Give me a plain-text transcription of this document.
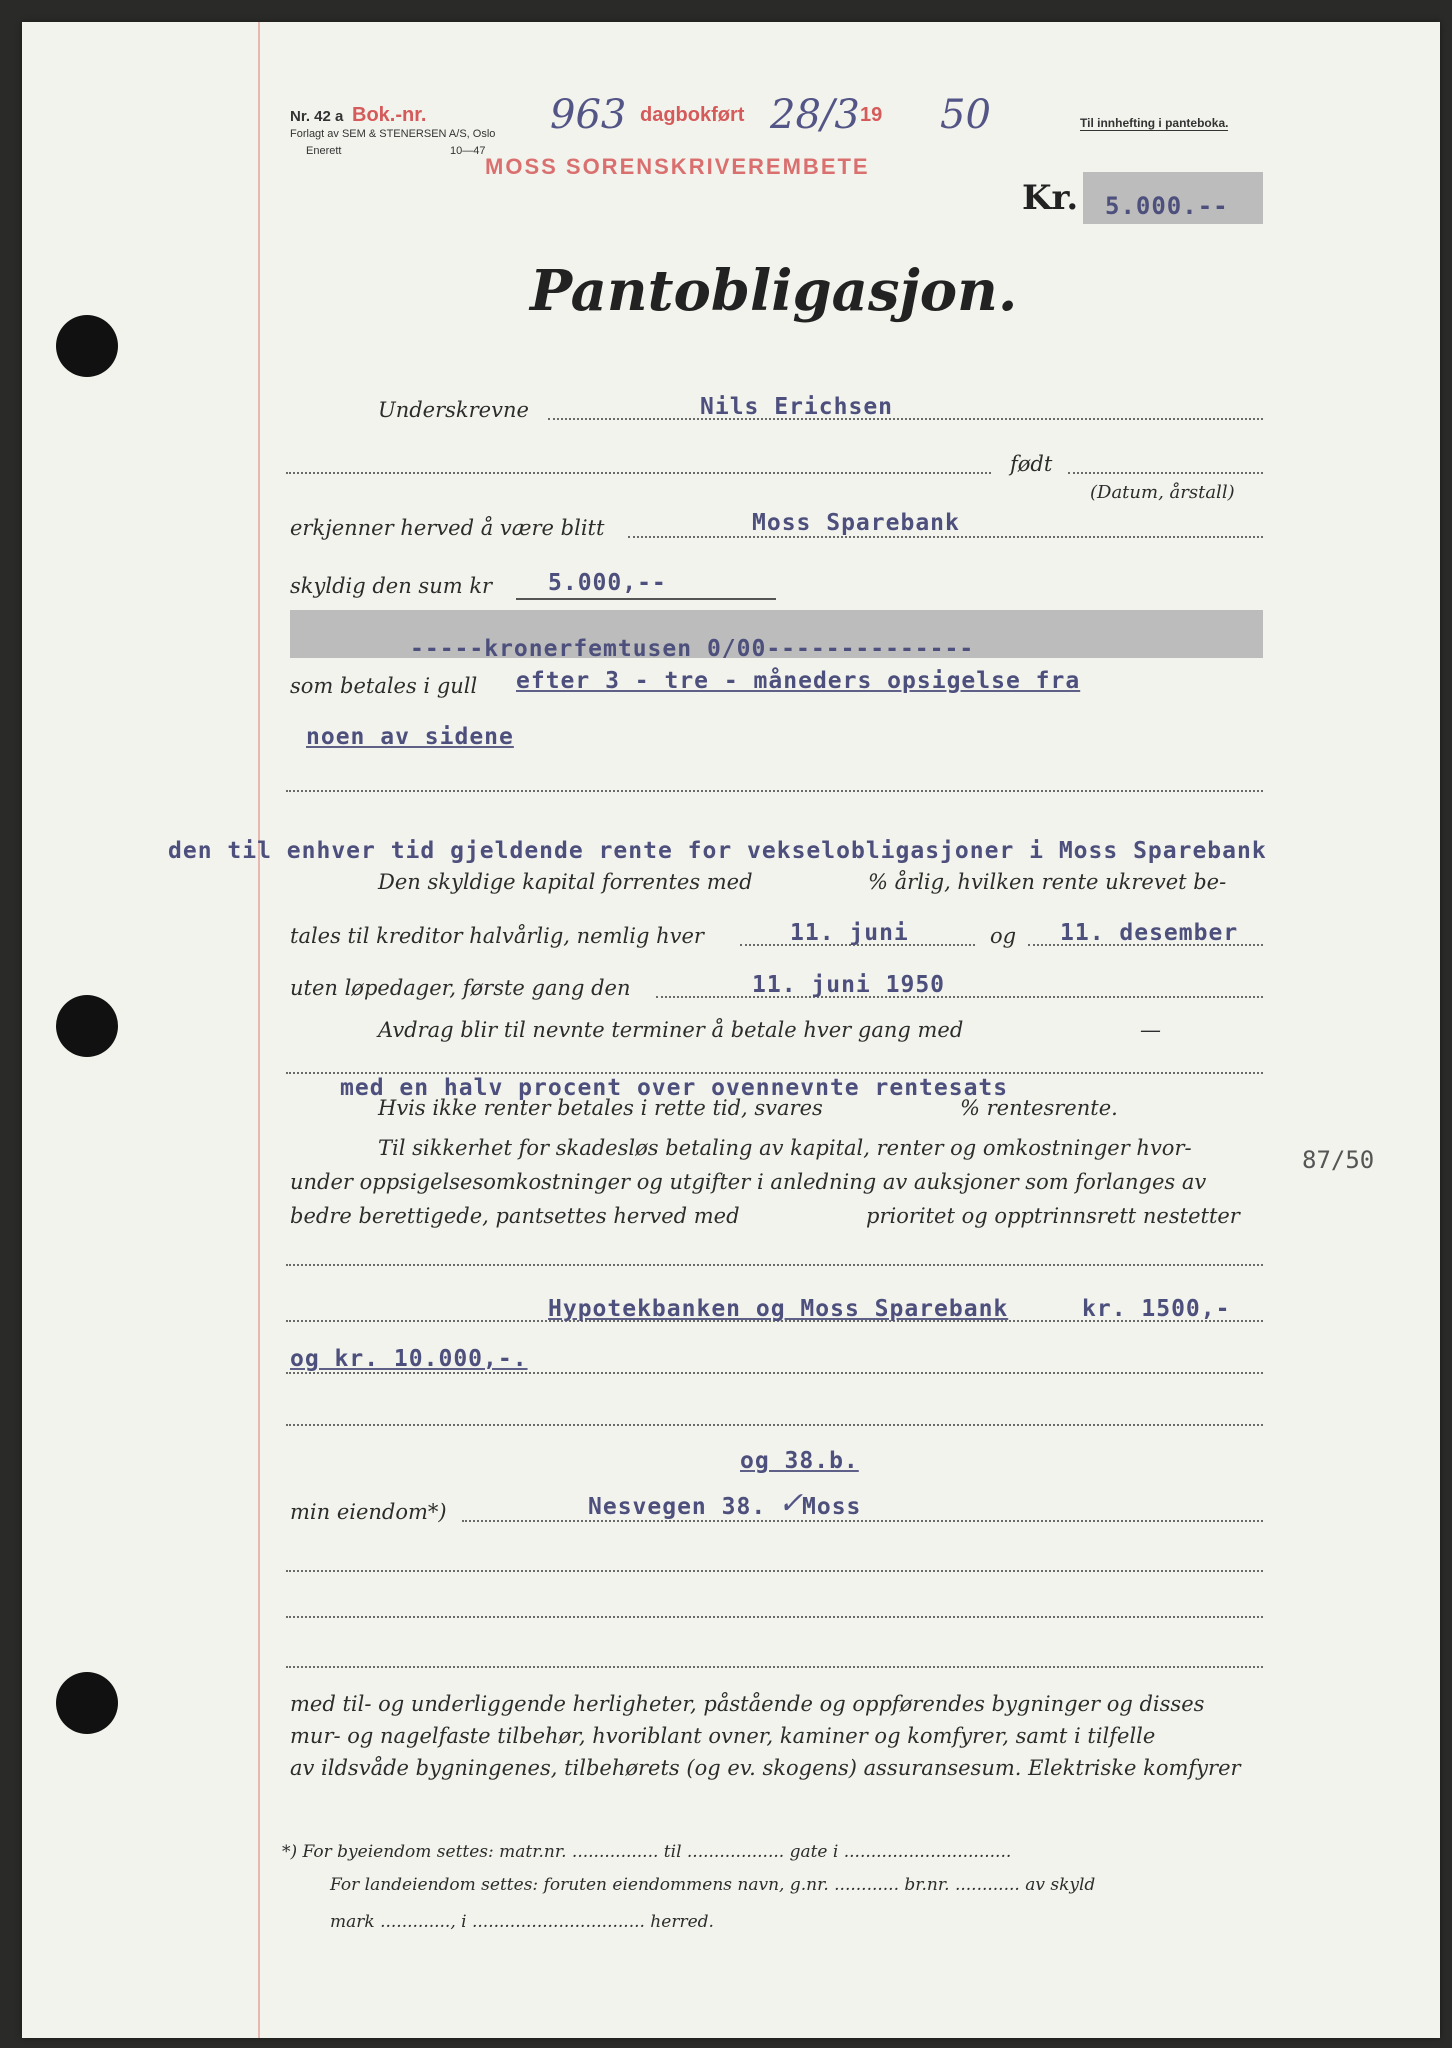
Nr. 42 a Bok.-nr.	963 dagbokført 28/3 19 50
Forlagt av SEM & STENERSEN A/S, Oslo
Enerett	10—47
MOSS SORENSKRIVEREMBETE
Til innhefting i panteboka.
Kr. 5.000.--
Pantobligasjon.
Underskrevne	Nils Erichsen
født
(Datum, årstall)
erkjenner herved å være blitt	Moss Sparebank
skyldig den sum kr 5.000,--
-----kronerfemtusen 0/00--------------
som betales i gull efter 3 - tre - måneders opsigelse fra
noen av sidene
den til enhver tid gjeldende rente for vekselobligasjoner i Moss Sparebank
Den skyldige kapital forrentes med	% årlig, hvilken rente ukrevet be-
tales til kreditor halvårlig, nemlig hver	11. juni	og 11. desember
uten løpedager, første gang den	11. juni 1950
Avdrag blir til nevnte terminer å betale hver gang med	—
med en halv procent over ovennevnte rentesats
Hvis ikke renter betales i rette tid, svares	% rentesrente.
Til sikkerhet for skadesløs betaling av kapital, renter og omkostninger hvor-
under oppsigelsesomkostninger og utgifter i anledning av auksjoner som forlanges av
bedre berettigede, pantsettes herved med	prioritet og opptrinnsrett nestetter
87/50
Hypotekbanken og Moss Sparebank	kr. 1500,-
og kr. 10.000,-.
og 38.b.
min eiendom*)	Nesvegen 38. Moss
✓
med til- og underliggende herligheter, påstående og oppførendes bygninger og disses
mur- og nagelfaste tilbehør, hvoriblant ovner, kaminer og komfyrer, samt i tilfelle
av ildsvåde bygningenes, tilbehørets (og ev. skogens) assuransesum. Elektriske komfyrer
*) For byeiendom settes: matr.nr. ................ til .................. gate i ...............................
For landeiendom settes: foruten eiendommens navn, g.nr. ............ br.nr. ............ av skyld
mark ............., i ................................ herred.
